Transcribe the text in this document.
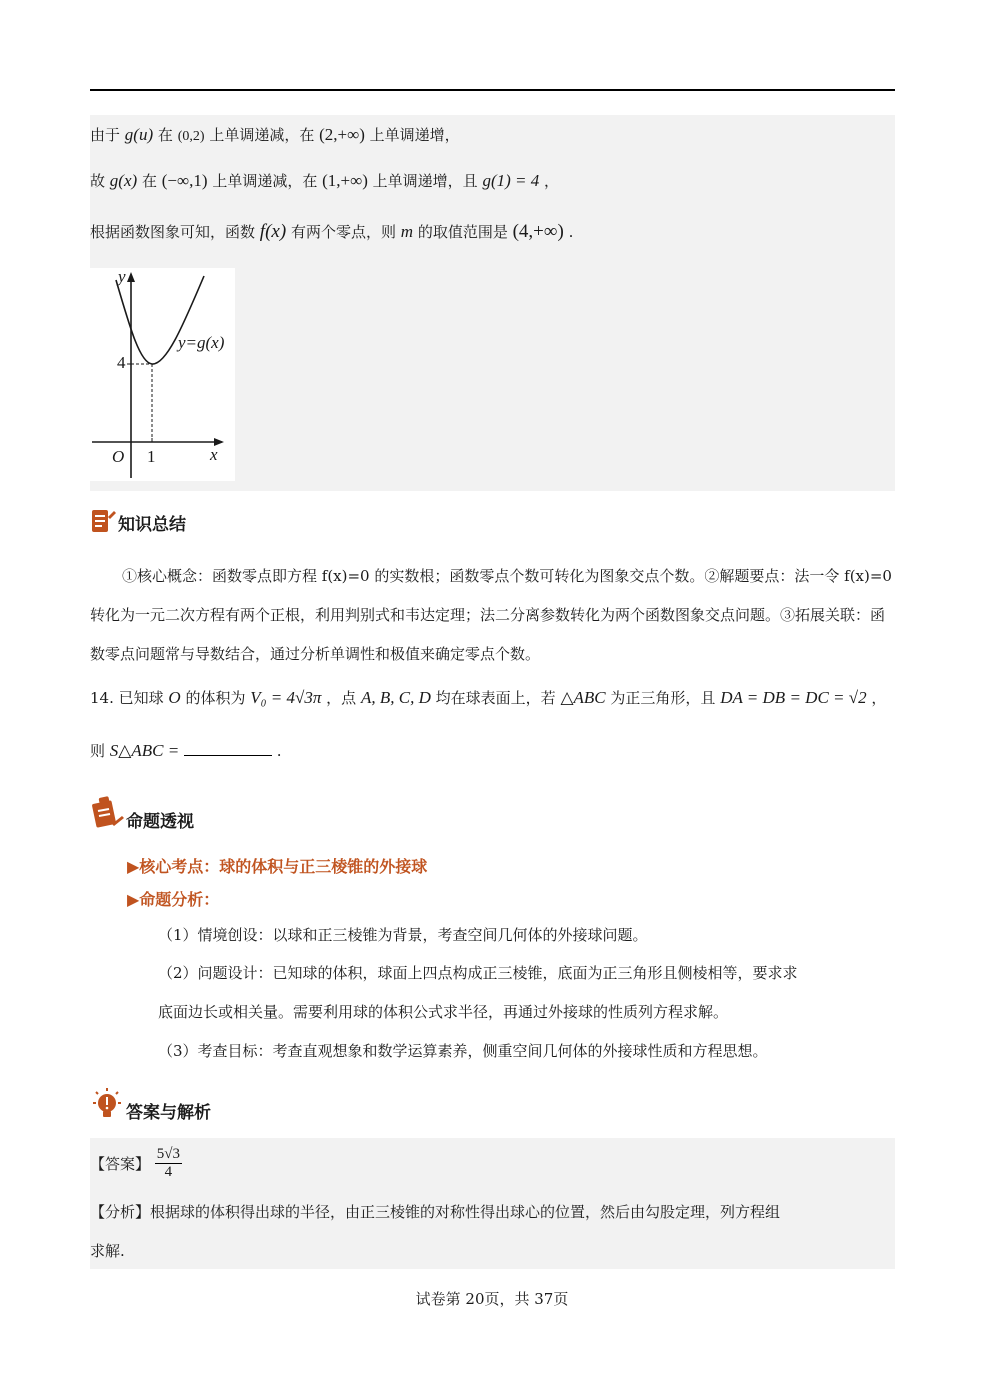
由于 g(u) 在 (0,2) 上单调递减，在 (2,+∞) 上单调递增，
故 g(x) 在 (−∞,1) 上单调递减，在 (1,+∞) 上单调递增，且 g(1) = 4 ，
根据函数图象可知，函数 f(x) 有两个零点，则 m 的取值范围是 (4,+∞) .
y
x
O
4
1
y=g(x)
知识总结
①核心概念：函数零点即方程 f(x)=0 的实数根；函数零点个数可转化为图象交点个数。②解题要点：法一令 f(x)=0 转化为一元二次方程有两个正根，利用判别式和韦达定理；法二分离参数转化为两个函数图象交点问题。③拓展关联：函数零点问题常与导数结合，通过分析单调性和极值来确定零点个数。
14. 已知球 O 的体积为 V₀ = 4√3π ，点 A, B, C, D 均在球表面上，若 △ABC 为正三角形，且 DA = DB = DC = √2 ，
则 S△ABC =	.
命题透视
▶核心考点：球的体积与正三棱锥的外接球
▶命题分析：
（1）情境创设：以球和正三棱锥为背景，考查空间几何体的外接球问题。
（2）问题设计：已知球的体积，球面上四点构成正三棱锥，底面为正三角形且侧棱相等，要求求
底面边长或相关量。需要利用球的体积公式求半径，再通过外接球的性质列方程求解。
（3）考查目标：考查直观想象和数学运算素养，侧重空间几何体的外接球性质和方程思想。
答案与解析
【答案】 $\frac{5√3}{4}$
【分析】根据球的体积得出球的半径，由正三棱锥的对称性得出球心的位置，然后由勾股定理，列方程组
求解.
试卷第 20页，共 37页
